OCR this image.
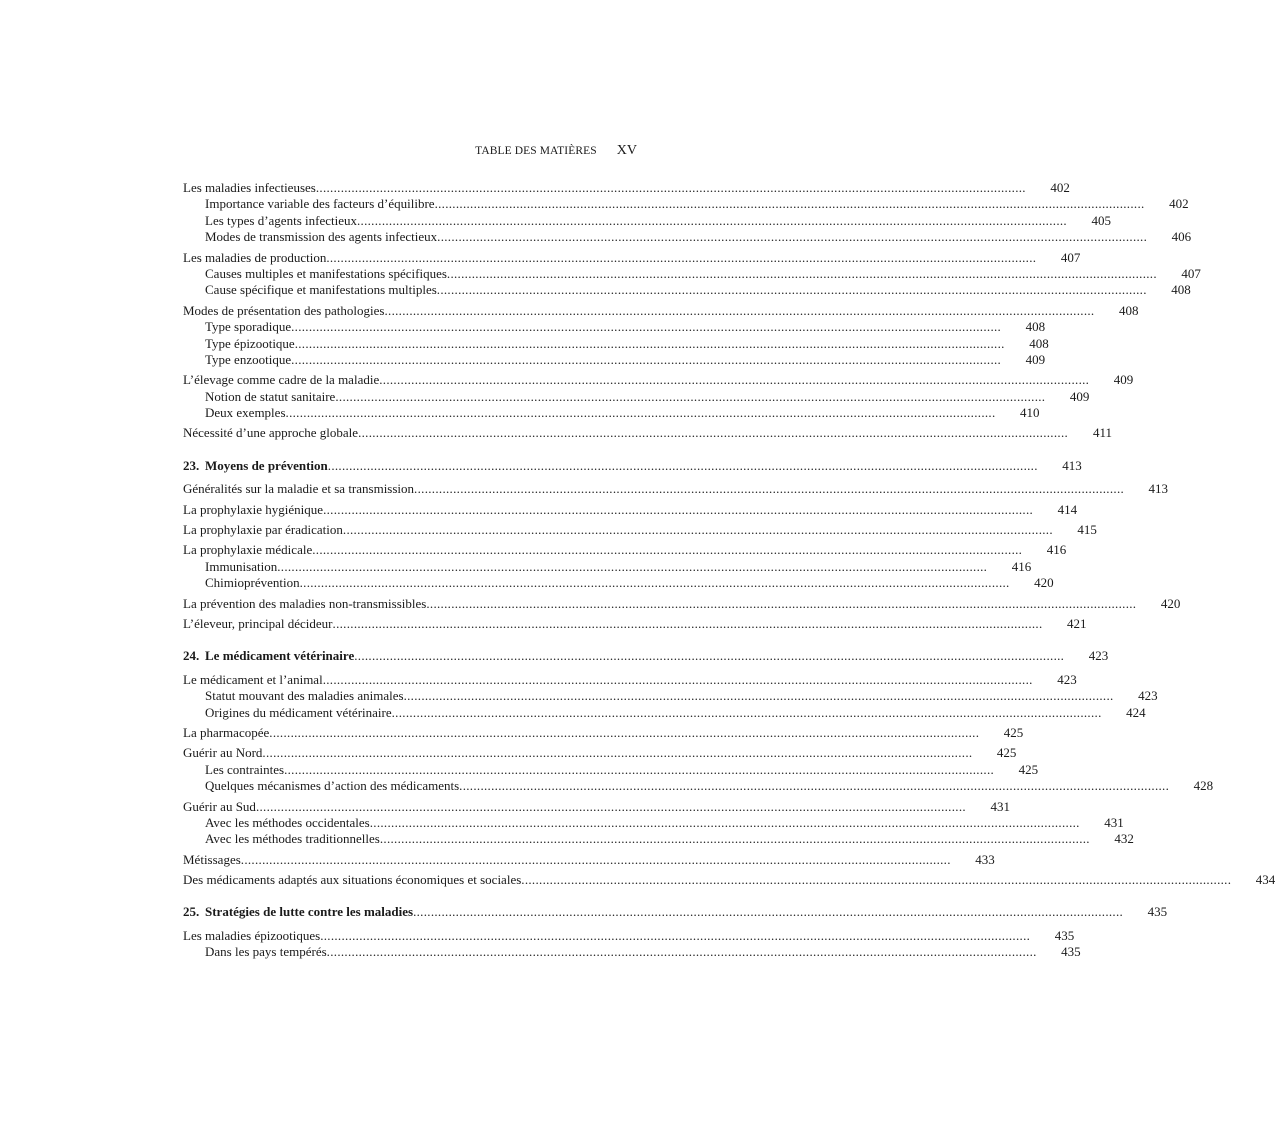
TABLE DES MATIÈRES XV
Les maladies infectieuses ........................................................................................................................................................................................................ 402
Importance variable des facteurs d’équilibre ........................................................................................................................................................................................................ 402
Les types d’agents infectieux ........................................................................................................................................................................................................ 405
Modes de transmission des agents infectieux ........................................................................................................................................................................................................ 406
Les maladies de production ........................................................................................................................................................................................................ 407
Causes multiples et manifestations spécifiques ........................................................................................................................................................................................................ 407
Cause spécifique et manifestations multiples ........................................................................................................................................................................................................ 408
Modes de présentation des pathologies ........................................................................................................................................................................................................ 408
Type sporadique ........................................................................................................................................................................................................ 408
Type épizootique ........................................................................................................................................................................................................ 408
Type enzootique ........................................................................................................................................................................................................ 409
L’élevage comme cadre de la maladie ........................................................................................................................................................................................................ 409
Notion de statut sanitaire ........................................................................................................................................................................................................ 409
Deux exemples ........................................................................................................................................................................................................ 410
Nécessité d’une approche globale ........................................................................................................................................................................................................ 411
23. Moyens de prévention ........................................................................................................................................................................................................ 413
Généralités sur la maladie et sa transmission ........................................................................................................................................................................................................ 413
La prophylaxie hygiénique ........................................................................................................................................................................................................ 414
La prophylaxie par éradication ........................................................................................................................................................................................................ 415
La prophylaxie médicale ........................................................................................................................................................................................................ 416
Immunisation ........................................................................................................................................................................................................ 416
Chimioprévention ........................................................................................................................................................................................................ 420
La prévention des maladies non-transmissibles ........................................................................................................................................................................................................ 420
L’éleveur, principal décideur ........................................................................................................................................................................................................ 421
24. Le médicament vétérinaire ........................................................................................................................................................................................................ 423
Le médicament et l’animal ........................................................................................................................................................................................................ 423
Statut mouvant des maladies animales ........................................................................................................................................................................................................ 423
Origines du médicament vétérinaire ........................................................................................................................................................................................................ 424
La pharmacopée ........................................................................................................................................................................................................ 425
Guérir au Nord ........................................................................................................................................................................................................ 425
Les contraintes ........................................................................................................................................................................................................ 425
Quelques mécanismes d’action des médicaments ........................................................................................................................................................................................................ 428
Guérir au Sud ........................................................................................................................................................................................................ 431
Avec les méthodes occidentales ........................................................................................................................................................................................................ 431
Avec les méthodes traditionnelles ........................................................................................................................................................................................................ 432
Métissages ........................................................................................................................................................................................................ 433
Des médicaments adaptés aux situations économiques et sociales ........................................................................................................................................................................................................ 434
25. Stratégies de lutte contre les maladies ........................................................................................................................................................................................................ 435
Les maladies épizootiques ........................................................................................................................................................................................................ 435
Dans les pays tempérés ........................................................................................................................................................................................................ 435
